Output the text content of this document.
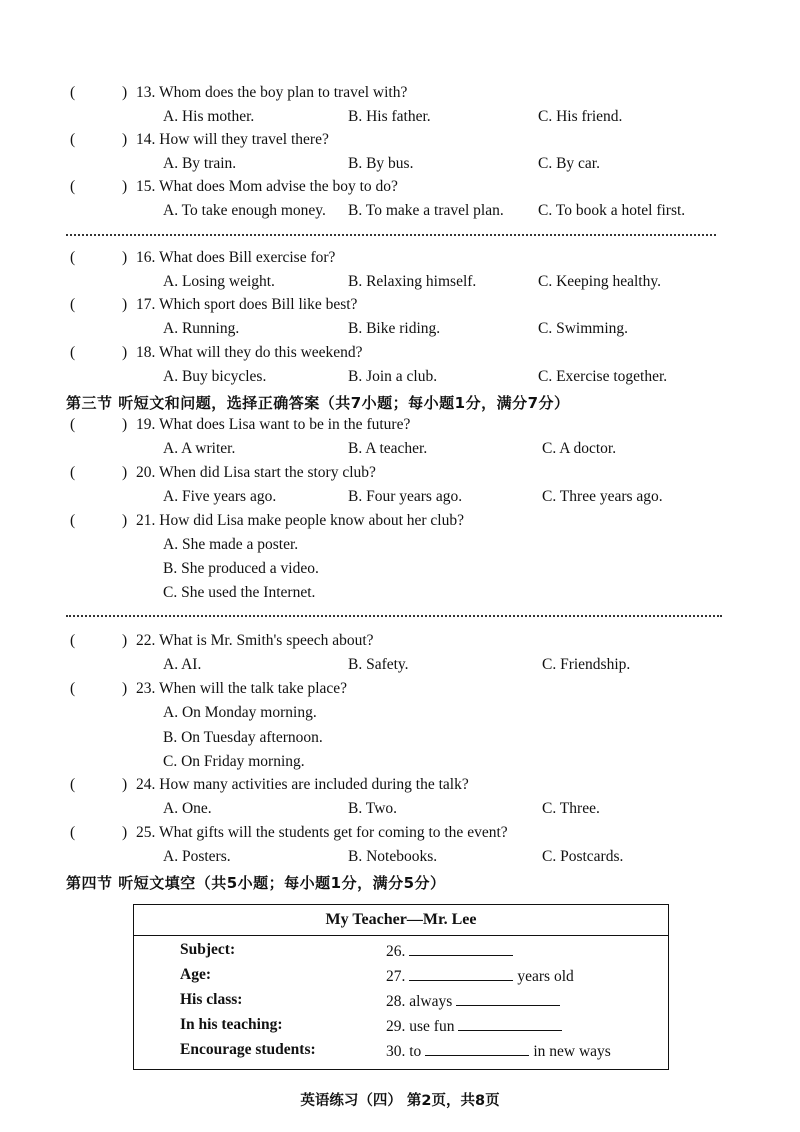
(	) 13. Whom does the boy plan to travel with?
A. His mother.	B. His father.	C. His friend.
(	) 14. How will they travel there?
A. By train.	B. By bus.	C. By car.
(	) 15. What does Mom advise the boy to do?
A. To take enough money. B. To make a travel plan. C. To book a hotel first.
(	) 16. What does Bill exercise for?
A. Losing weight.	B. Relaxing himself.	C. Keeping healthy.
(	) 17. Which sport does Bill like best?
A. Running.	B. Bike riding.	C. Swimming.
(	) 18. What will they do this weekend?
A. Buy bicycles.	B. Join a club.	C. Exercise together.
第三节 听短文和问题，选择正确答案（共7小题；每小题1分，满分7分）
(	) 19. What does Lisa want to be in the future?
A. A writer.	B. A teacher.	C. A doctor.
(	) 20. When did Lisa start the story club?
A. Five years ago.	B. Four years ago.	C. Three years ago.
(	) 21. How did Lisa make people know about her club?
A. She made a poster.
B. She produced a video.
C. She used the Internet.
(	) 22. What is Mr. Smith's speech about?
A. AI.	B. Safety.	C. Friendship.
(	) 23. When will the talk take place?
A. On Monday morning.
B. On Tuesday afternoon.
C. On Friday morning.
(	) 24. How many activities are included during the talk?
A. One.	B. Two.	C. Three.
(	) 25. What gifts will the students get for coming to the event?
A. Posters.	B. Notebooks.	C. Postcards.
第四节 听短文填空（共5小题；每小题1分，满分5分）
My Teacher—Mr. Lee
Subject:	26.
Age:	27.	years old
His class:	28. always
In his teaching:	29. use fun
Encourage students:	30. to	in new ways
英语练习（四） 第2页，共8页
